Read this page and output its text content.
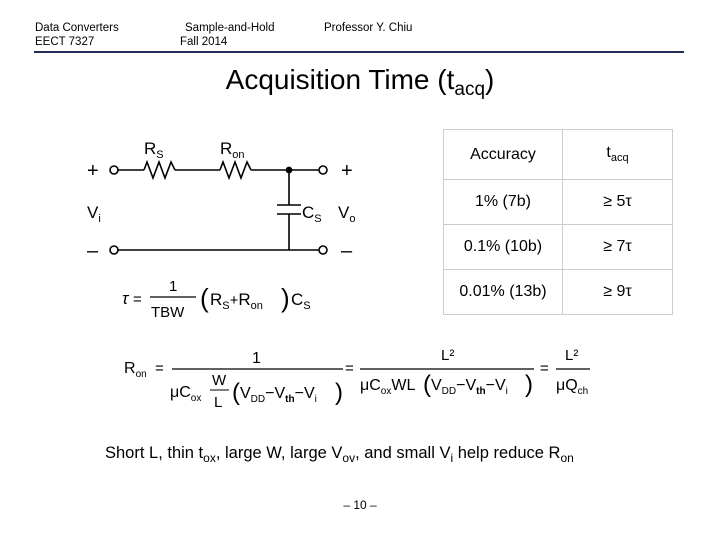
Data Converters
EECT 7327
Sample-and-Hold
Fall 2014
Professor Y. Chiu
Acquisition Time $(t_{acq})$
+
–
+
–
$V_i$	$V_o$
$R_S$	$R_{on}$
$C_S$
τ =
1
TBW ( $R_S+R_{on}$ ) $C_S$
$R_{on}$ =
1
$\mu C_{ox}$
W
L ( $V_{DD}-V_{th}-V_i$ )
=
L²
$\mu C_{ox}WL$ ( $V_{DD}-V_{th}-V_i$ )
=
L²
$\mu Q_{ch}$
Accuracy	$t_{acq}$
1% (7b)	≥ 5τ
0.1% (10b)	≥ 7τ
0.01% (13b)	≥ 9τ
Short L, thin $t_{ox}$, large W, large $V_{ov}$, and small $V_i$ help reduce $R_{on}$
– 10 –
